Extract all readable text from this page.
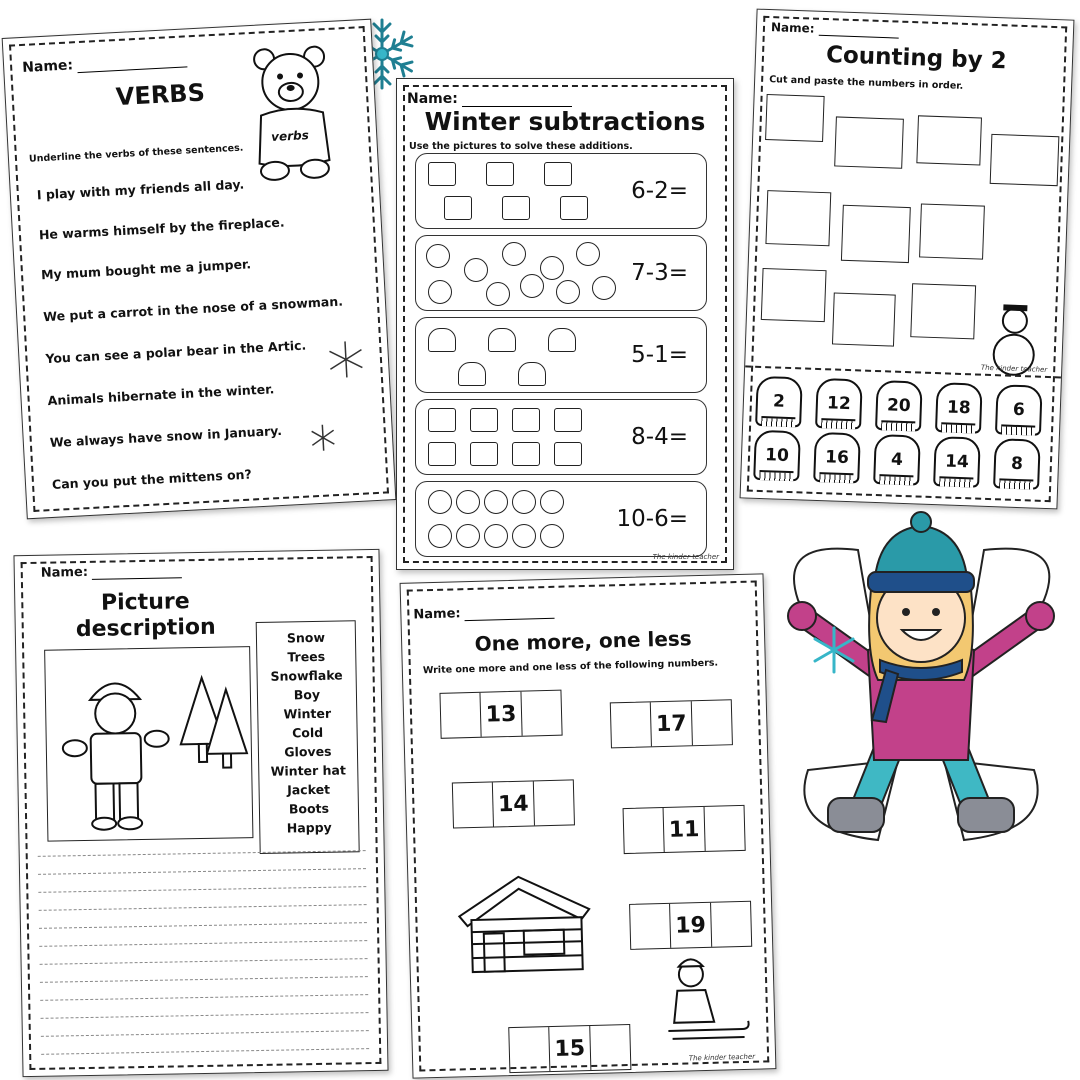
Name:
VERBS
verbs
Underline the verbs of these sentences.
I play with my friends all day.
He warms himself by the fireplace.
My mum bought me a jumper.
We put a carrot in the nose of a snowman.
You can see a polar bear in the Artic.
Animals hibernate in the winter.
We always have snow in January.
Can you put the mittens on?
Name:
Winter subtractions
Use the pictures to solve these additions.
6-2=
7-3=
5-1=
8-4=
10-6=
The kinder teacher
Name:
Counting by 2
Cut and paste the numbers in order.
2	12	20	18	6
10	16	4	14	8
The kinder teacher
Name:
Picture
description	Snow
Trees
Snowflake
Boy
Winter
Cold
Gloves
Winter hat
Jacket
Boots
Happy
Name:
One more, one less
Write one more and one less of the following numbers.
13	17
14
11
19
15	The kinder teacher
